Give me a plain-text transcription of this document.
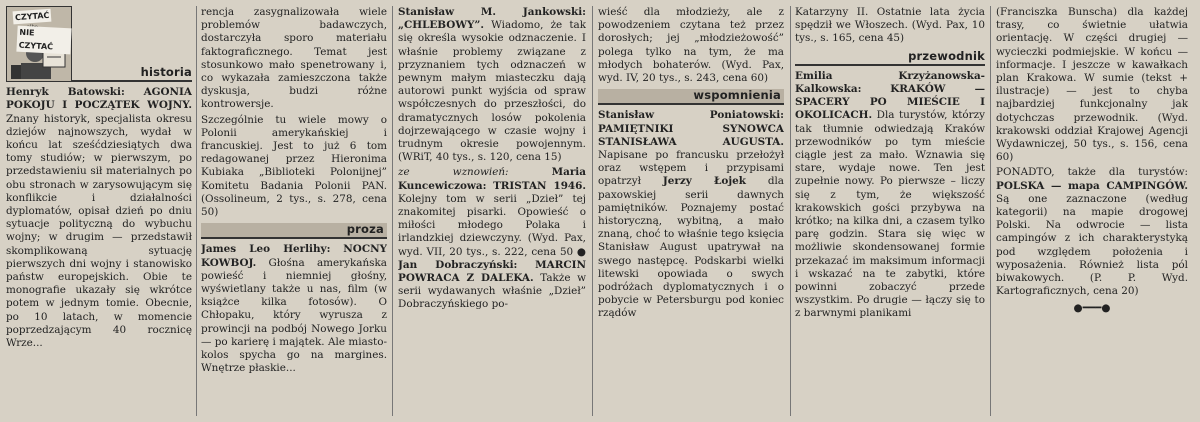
CZYTAĆ
NIE CZYTAĆ
historia

Henryk Batowski: AGONIA POKOJU I POCZĄTEK WOJNY. Znany historyk, specjalista okresu dziejów najnowszych, wydał w końcu lat sześćdziesiątych dwa tomy studiów; w pierwszym, po przedstawieniu sił materialnych po obu stronach w zarysowującym się konflikcie i działalności dyplomatów, opisał dzień po dniu sytuacje polityczną do wybuchu wojny; w drugim — przedstawił skomplikowaną sytuację pierwszych dni wojny i stanowisko państw europejskich. Obie te monografie ukazały się wkrótce potem w jednym tomie. Obecnie, po 10 latach, w momencie poprzedzającym 40 rocznicę Wrze...

rencja zasygnalizowała wiele problemów badawczych, dostarczyła sporo materiału faktograficznego. Temat jest stosunkowo mało spenetrowany i, co wykazała zamieszczona także dyskusja, budzi różne kontrowersje.

Szczególnie tu wiele mowy o Polonii amerykańskiej i francuskiej. Jest to już 6 tom redagowanej przez Hieronima Kubiaka „Biblioteki Polonijnej” Komitetu Badania Polonii PAN. (Ossolineum, 2 tys., s. 278, cena 50)

proza

James Leo Herlihy: NOCNY KOWBOJ. Głośna amerykańska powieść i niemniej głośny, wyświetlany także u nas, film (w książce kilka fotosów). O Chłopaku, który wyrusza z prowincji na podbój Nowego Jorku — po karierę i majątek. Ale miasto-kolos spycha go na margines. Wnętrze płaskie...

Stanisław M. Jankowski: „CHLEBOWY”. Wiadomo, że tak się określa wysokie odznaczenie. I właśnie problemy związane z przyznaniem tych odznaczeń w pewnym małym miasteczku dają autorowi punkt wyjścia od spraw współczesnych do przeszłości, do dramatycznych losów pokolenia dojrzewającego w czasie wojny i trudnym okresie powojennym. (WRiT, 40 tys., s. 120, cena 15)

ze wznowień:	Maria Kuncewiczowa: TRISTAN 1946. Kolejny tom w serii „Dzieł” tej znakomitej pisarki. Opowieść o miłości młodego Polaka i irlandzkiej dziewczyny. (Wyd. Pax, wyd. VII, 20 tys., s. 222, cena 50 ● Jan Dobraczyński: MARCIN POWRACA Z DALEKA. Także w serii wydawanych właśnie „Dzieł” Dobraczyńskiego po-

wieść dla młodzieży, ale z powodzeniem czytana też przez dorosłych; jej „młodzieżowość” polega tylko na tym, że ma młodych bohaterów. (Wyd. Pax, wyd. IV, 20 tys., s. 243, cena 60)

wspomnienia

Stanisław Poniatowski: PAMIĘTNIKI SYNOWCA STANISŁAWA AUGUSTA. Napisane po francusku przełożył oraz wstępem i przypisami opatrzył Jerzy Łojek dla paxowskiej serii dawnych pamiętników. Poznajemy postać historyczną, wybitną, a mało znaną, choć to właśnie tego księcia Stanisław August upatrywał na swego następcę. Podskarbi wielki litewski opowiada o swych podróżach dyplomatycznych i o pobycie w Petersburgu pod koniec rządów

Katarzyny II. Ostatnie lata życia spędził we Włoszech. (Wyd. Pax, 10 tys., s. 165, cena 45)

przewodnik

Emilia Krzyżanowska-Kalkowska:	KRAKÓW — SPACERY PO MIEŚCIE I OKOLICACH. Dla turystów, którzy tak tłumnie odwiedzają Kraków przewodników po tym mieście ciągle jest za mało. Wznawia się stare, wydaje nowe. Ten jest zupełnie nowy. Po pierwsze – liczy się z tym, że większość krakowskich gości przybywa na krótko; na kilka dni, a czasem tylko parę godzin. Stara się więc w możliwie skondensowanej formie przekazać im maksimum informacji i wskazać na te zabytki, które powinni zobaczyć przede wszystkim. Po drugie — łączy się to z barwnymi planikami

(Franciszka Bunscha) dla każdej trasy, co świetnie ułatwia orientację. W części drugiej — wycieczki podmiejskie. W końcu — informacje. I jeszcze w kawałkach plan Krakowa. W sumie (tekst + ilustracje) — jest to chyba najbardziej funkcjonalny jak dotychczas przewodnik. (Wyd. krakowski oddział Krajowej Agencji Wydawniczej, 50 tys., s. 156, cena 60)

PONADTO, także dla turystów: POLSKA — mapa CAMPINGÓW. Są one zaznaczone (według kategorii) na mapie drogowej Polski. Na odwrocie — lista campingów z ich charakterystyką pod względem położenia i wyposażenia. Również lista pól biwakowych. (P. P. Wyd. Kartograficznych, cena 20)

●━━━●
